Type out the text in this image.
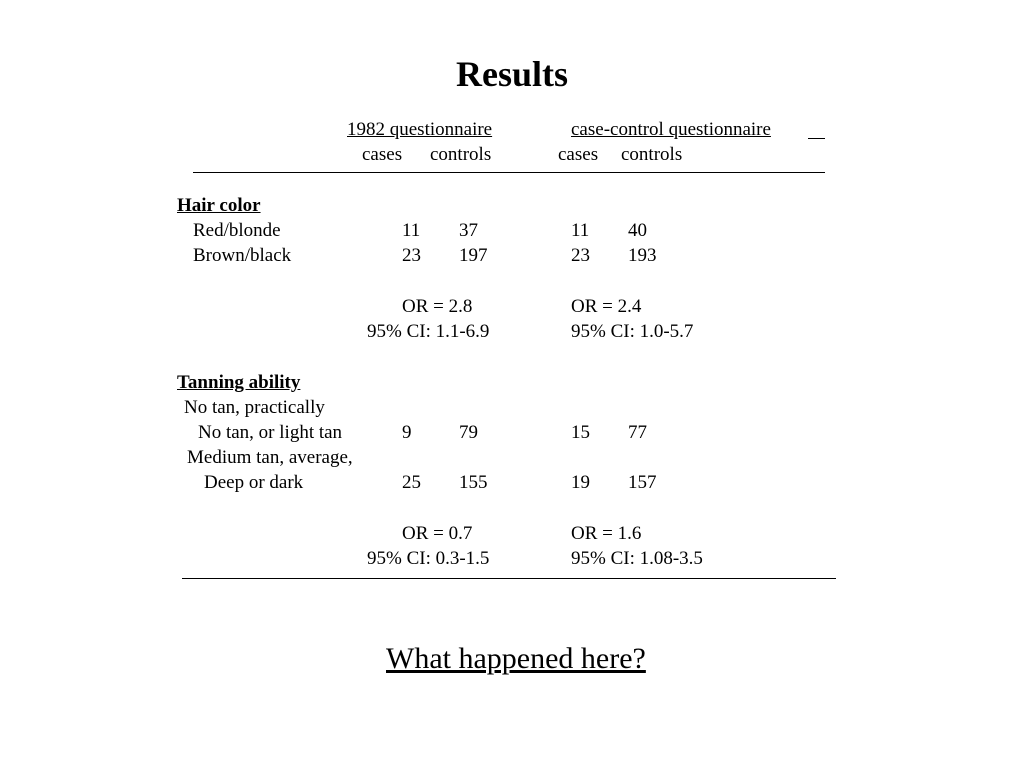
Results
1982 questionnaire	case-control questionnaire
cases controls	cases controls
Hair color
Red/blonde	11 37	11 40
Brown/black	23 197	23 193
OR = 2.8	OR = 2.4
95% CI: 1.1-6.9	95% CI: 1.0-5.7
Tanning ability
No tan, practically
No tan, or light tan	9	79	15 77
Medium tan, average,
Deep or dark	25 155	19 157
OR = 0.7	OR = 1.6
95% CI: 0.3-1.5	95% CI: 1.08-3.5
What happened here?
